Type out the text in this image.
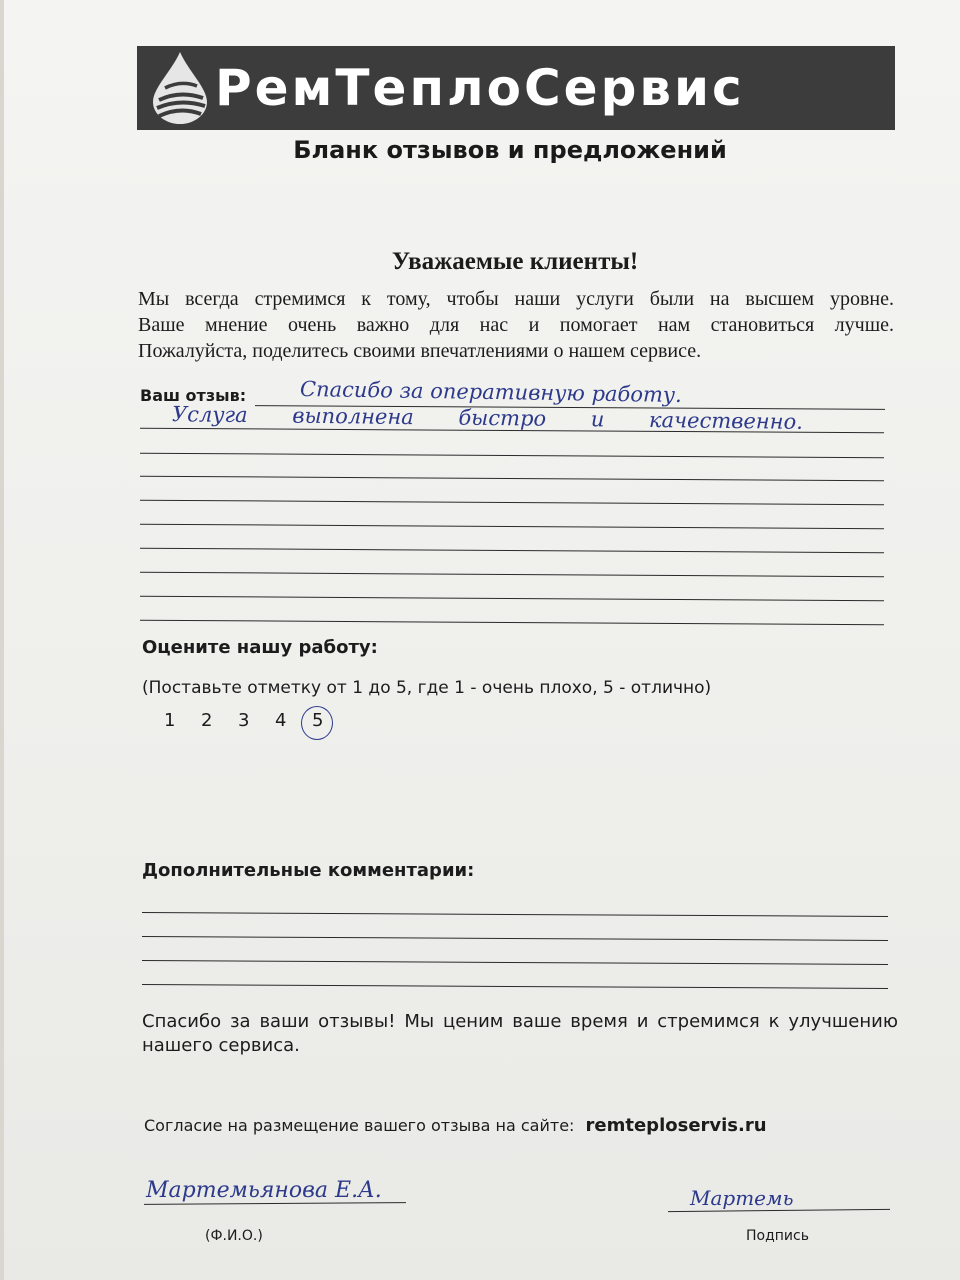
РемТеплоСервис
Бланк отзывов и предложений
Уважаемые клиенты!
Мы всегда стремимся к тому, чтобы наши услуги были на высшем уровне.
Ваше мнение очень важно для нас и помогает нам становиться лучше.
Пожалуйста, поделитесь своими впечатлениями о нашем сервисе.
Ваш отзыв:	Спасибо за оперативную работу.
Услуга выполнена быстро и качественно.
Оцените нашу работу:
(Поставьте отметку от 1 до 5, где 1 - очень плохо, 5 - отлично)
1 2 3 4 5
Дополнительные комментарии:
Спасибо за ваши отзывы! Мы ценим ваше время и стремимся к улучшению нашего сервиса.
Согласие на размещение вашего отзыва на сайте: remteploservis.ru
Мартемьянова Е.А.
(Ф.И.О.)
Мартемь
Подпись
